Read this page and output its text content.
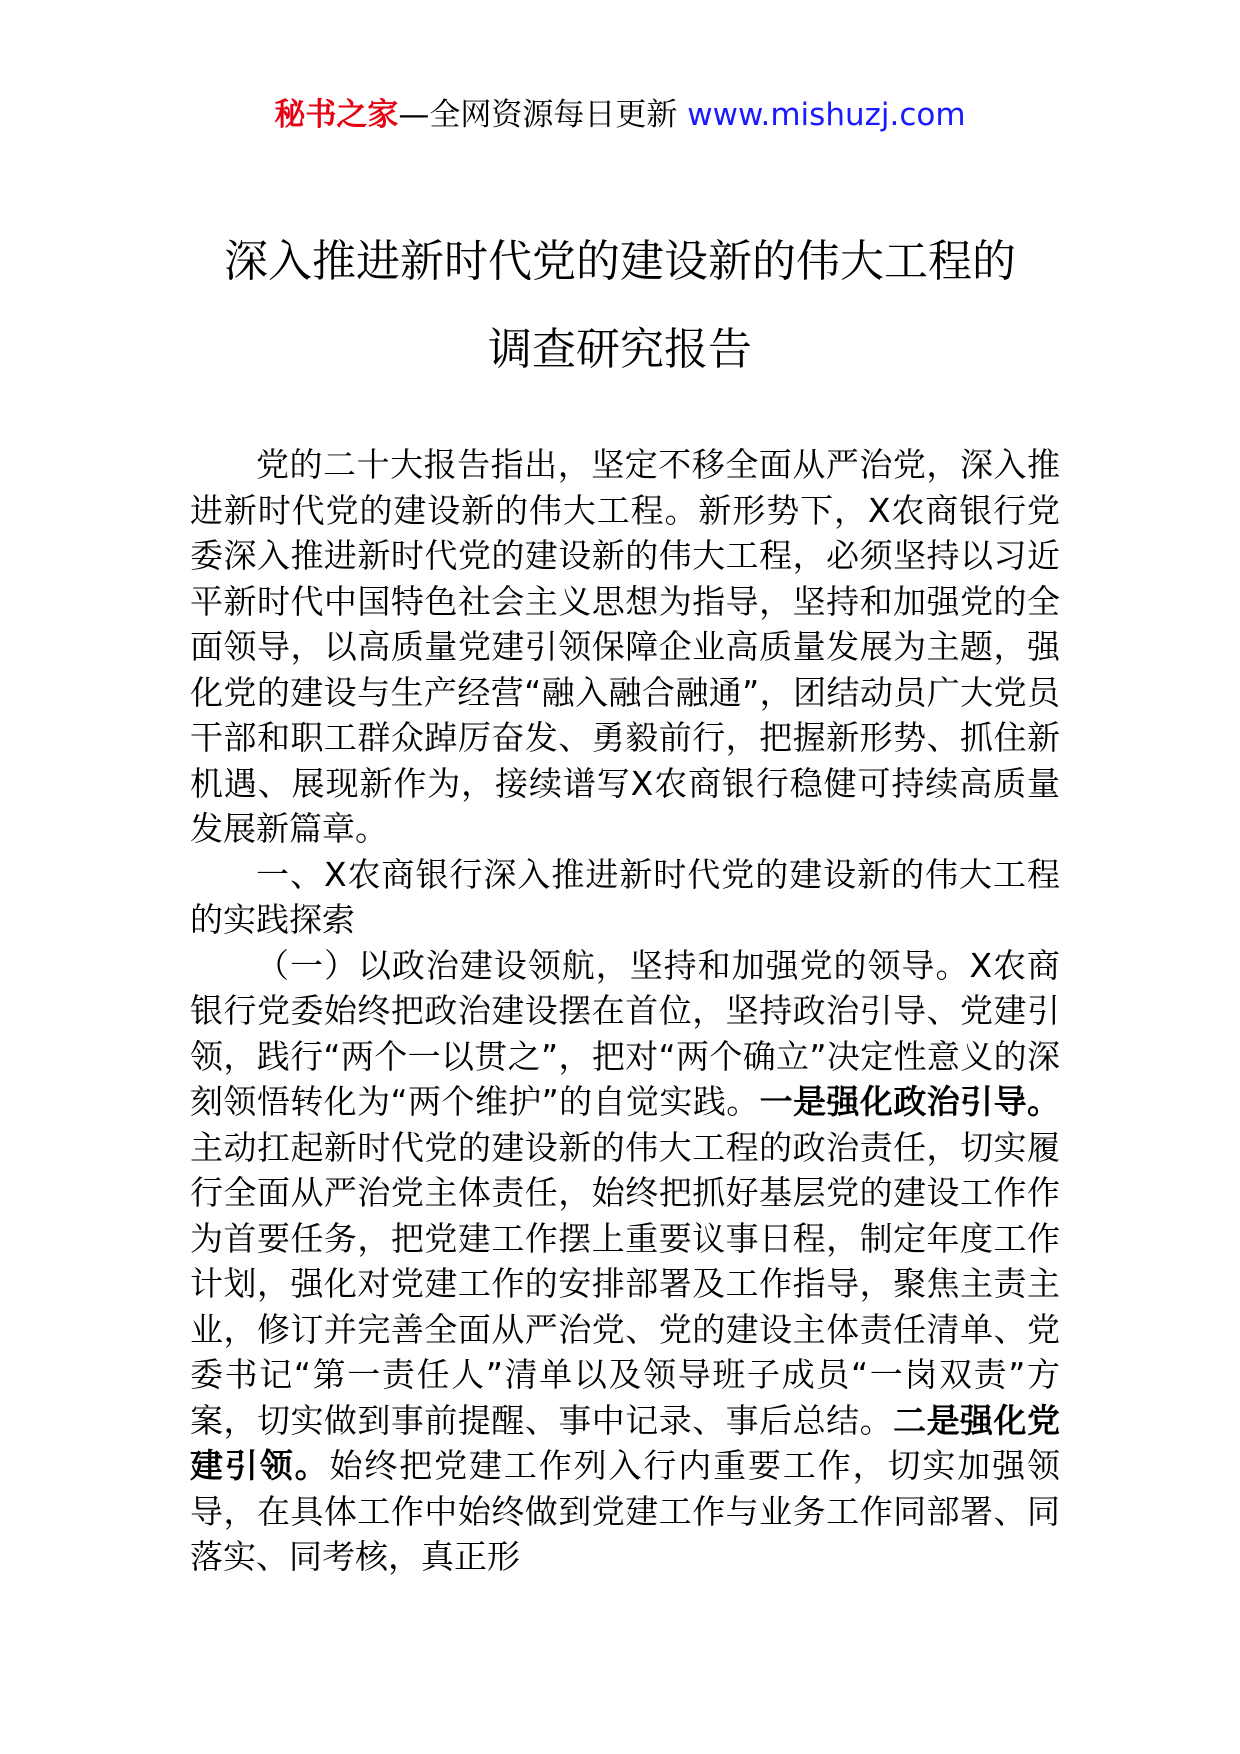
秘书之家—全网资源每日更新 www.mishuzj.com
深入推进新时代党的建设新的伟大工程的
调查研究报告

党的二十大报告指出，坚定不移全面从严治党，深入推进新时代党的建设新的伟大工程。新形势下，X农商银行党委深入推进新时代党的建设新的伟大工程，必须坚持以习近平新时代中国特色社会主义思想为指导，坚持和加强党的全面领导，以高质量党建引领保障企业高质量发展为主题，强化党的建设与生产经营“融入融合融通”，团结动员广大党员干部和职工群众踔厉奋发、勇毅前行，把握新形势、抓住新机遇、展现新作为，接续谱写X农商银行稳健可持续高质量发展新篇章。

一、X农商银行深入推进新时代党的建设新的伟大工程的实践探索

（一）以政治建设领航，坚持和加强党的领导。X农商银行党委始终把政治建设摆在首位，坚持政治引导、党建引领，践行“两个一以贯之”，把对“两个确立”决定性意义的深刻领悟转化为“两个维护”的自觉实践。一是强化政治引导。主动扛起新时代党的建设新的伟大工程的政治责任，切实履行全面从严治党主体责任，始终把抓好基层党的建设工作作为首要任务，把党建工作摆上重要议事日程，制定年度工作计划，强化对党建工作的安排部署及工作指导，聚焦主责主业，修订并完善全面从严治党、党的建设主体责任清单、党委书记“第一责任人”清单以及领导班子成员“一岗双责”方案，切实做到事前提醒、事中记录、事后总结。二是强化党建引领。始终把党建工作列入行内重要工作，切实加强领导，在具体工作中始终做到党建工作与业务工作同部署、同落实、同考核，真正形
